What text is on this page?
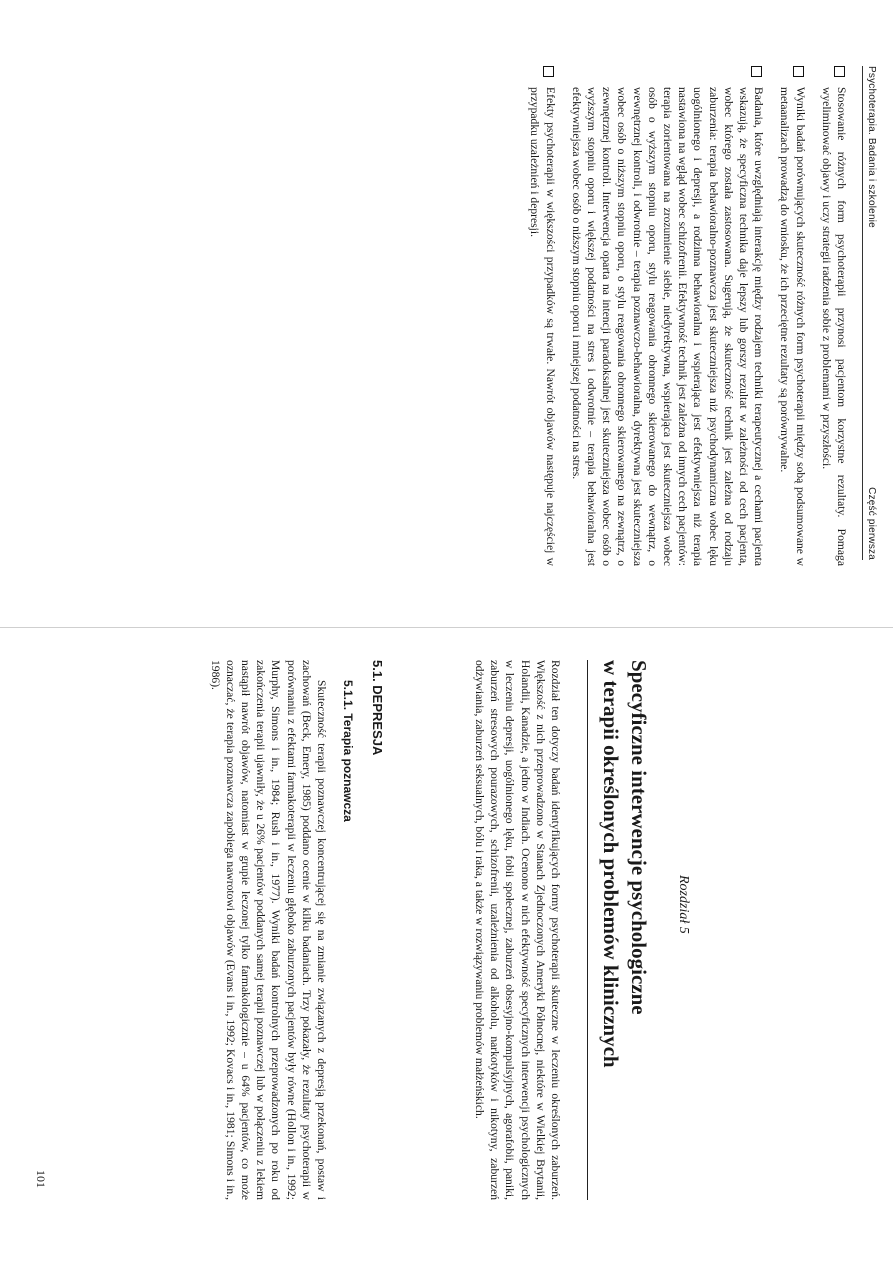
Psychoterapia. Badania i szkolenie
Część pierwsza
Stosowanie różnych form psychoterapii przynosi pacjentom korzystne rezultaty. Pomaga wyeliminować objawy i uczy strategii radzenia sobie z problemami w przyszłości.
Wyniki badań porównujących skuteczność różnych form psychoterapii między sobą podsumowane w metaanalizach prowadzą do wniosku, że ich przeciętne rezultaty są porównywalne.
Badania, które uwzględniają interakcję między rodzajem techniki terapeutycznej a cechami pacjenta wskazują, że specyficzna technika daje lepszy lub gorszy rezultat w zależności od cech pacjenta, wobec którego została zastosowana. Sugerują, że skuteczność technik jest zależna od rodzaju zaburzenia: terapia behawioralno-poznawcza jest skuteczniejsza niż psychodynamiczna wobec lęku uogólnionego i depresji, a rodzinna behawioralna i wspierająca jest efektywniejsza niż terapia nastawiona na wgląd wobec schizofrenii. Efektywność technik jest zależna od innych cech pacjentów: terapia zorientowana na zrozumienie siebie, niedyrektywna, wspierająca jest skuteczniejsza wobec osób o wyższym stopniu oporu, stylu reagowania obronnego skierowanego do wewnątrz, o wewnętrznej kontroli, i odwrotnie – terapia poznawczo-behawioralna, dyrektywna jest skuteczniejsza wobec osób o niższym stopniu oporu, o stylu reagowania obronnego skierowanego na zewnątrz, o zewnętrznej kontroli. Interwencja oparta na intencji paradoksalnej jest skuteczniejsza wobec osób o wyższym stopniu oporu i większej podatności na stres i odwrotnie – terapia behawioralna jest efektywniejsza wobec osób o niższym stopniu oporu i mniejszej podatności na stres.
Efekty psychoterapii w większości przypadków są trwałe. Nawrót objawów następuje najczęściej w przypadku uzależnień i depresji.
Rozdział 5
Specyficzne interwencje psychologiczne
w terapii określonych problemów klinicznych
Rozdział ten dotyczy badań identyfikujących formy psychoterapii skuteczne w leczeniu określonych zaburzeń. Większość z nich przeprowadzono w Stanach Zjednoczonych Ameryki Północnej, niektóre w Wielkiej Brytanii, Holandii, Kanadzie, a jedno w Indiach. Ocenono w nich efektywność specyficznych interwencji psychologicznych w leczeniu depresji, uogólnionego lęku, fobii społecznej, zaburzeń obsesyjno-kompulsyjnych, agorafobii, paniki, zaburzeń stresowych pourazowych, schizofrenii, uzależnienia od alkoholu, narkotyków i nikotyny, zaburzeń odżywiania, zaburzeń seksualnych, bólu i raka, a także w rozwiązywaniu problemów małżeńskich.
5.1. DEPRESJA
5.1.1. Terapia poznawcza
Skuteczność terapii poznawczej koncentrującej się na zmianie związanych z depresją przekonań, postaw i zachowań (Beck, Emery, 1985) poddano ocenie w kilku badaniach. Trzy pokazały, że rezultaty psychoterapii w porównaniu z efektami farmakoterapii w leczeniu głęboko zaburzonych pacjentów były równe (Hollon i in., 1992; Murphy, Simons i in., 1984; Rush i in., 1977). Wyniki badań kontrolnych przeprowadzonych po roku od zakończenia terapii ujawniły, że u 26% pacjentów poddanych samej terapii poznawczej lub w połączeniu z lekiem nastąpił nawrót objawów, natomiast w grupie leczonej tylko farmakologicznie – u 64% pacjentów, co może oznaczać, że terapia poznawcza zapobiega nawrotowi objawów (Evans i in., 1992; Kovacs i in., 1981; Simons i in., 1986).
101
